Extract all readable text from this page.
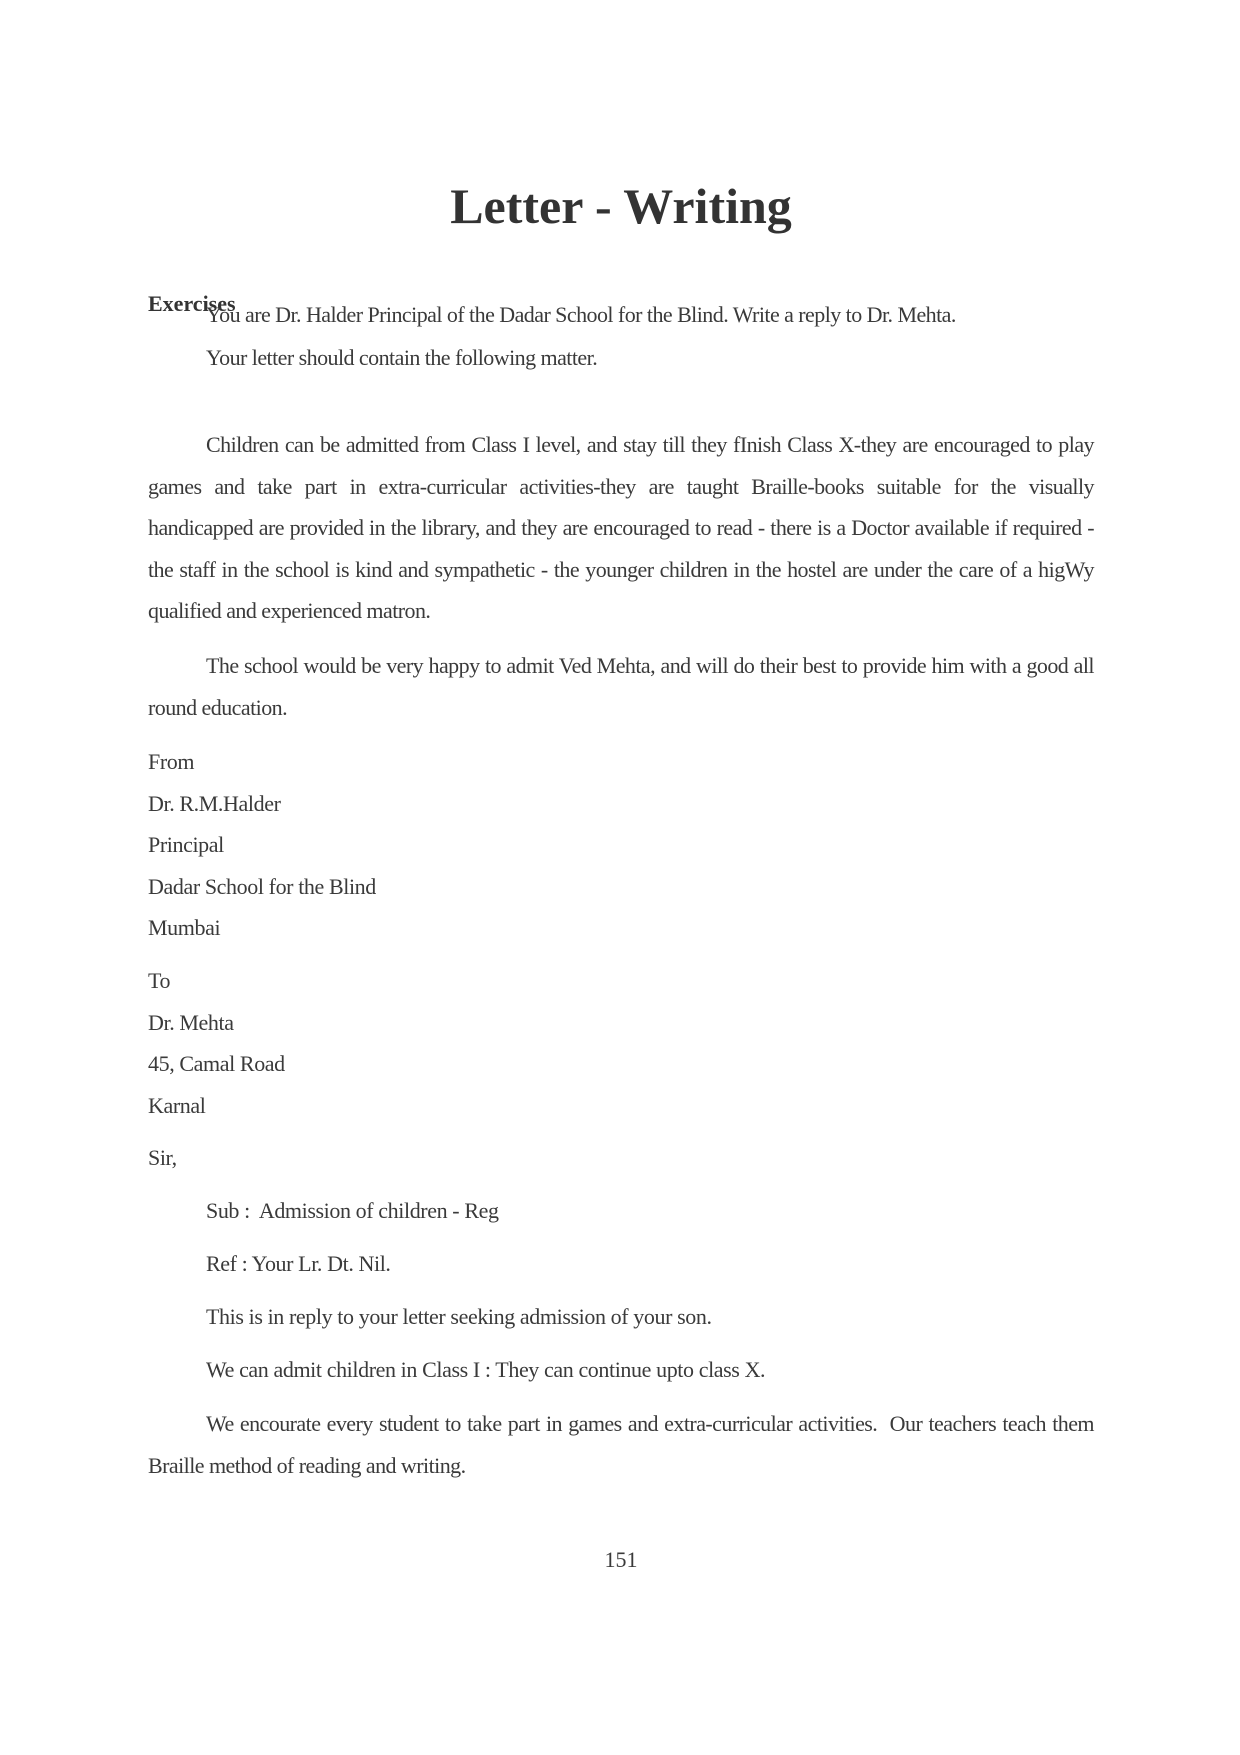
Letter - Writing
Exercises

You are Dr. Halder Principal of the Dadar School for the Blind. Write a reply to Dr. Mehta.

Your letter should contain the following matter.

Children can be admitted from Class I level, and stay till they fInish Class X-they are encouraged to play games and take part in extra-curricular activities-they are taught Braille-books suitable for the visually handicapped are provided in the library, and they are encouraged to read - there is a Doctor available if required - the staff in the school is kind and sympathetic - the younger children in the hostel are under the care of a higWy qualified and experienced matron.

The school would be very happy to admit Ved Mehta, and will do their best to provide him with a good all round education.

From
Dr. R.M.Halder
Principal
Dadar School for the Blind
Mumbai
To
Dr. Mehta
45, Camal Road
Karnal

Sir,

Sub :  Admission of children - Reg

Ref : Your Lr. Dt. Nil.

This is in reply to your letter seeking admission of your son.

We can admit children in Class I : They can continue upto class X.

We encourate every student to take part in games and extra-curricular activities.  Our teachers teach them Braille method of reading and writing.

151
